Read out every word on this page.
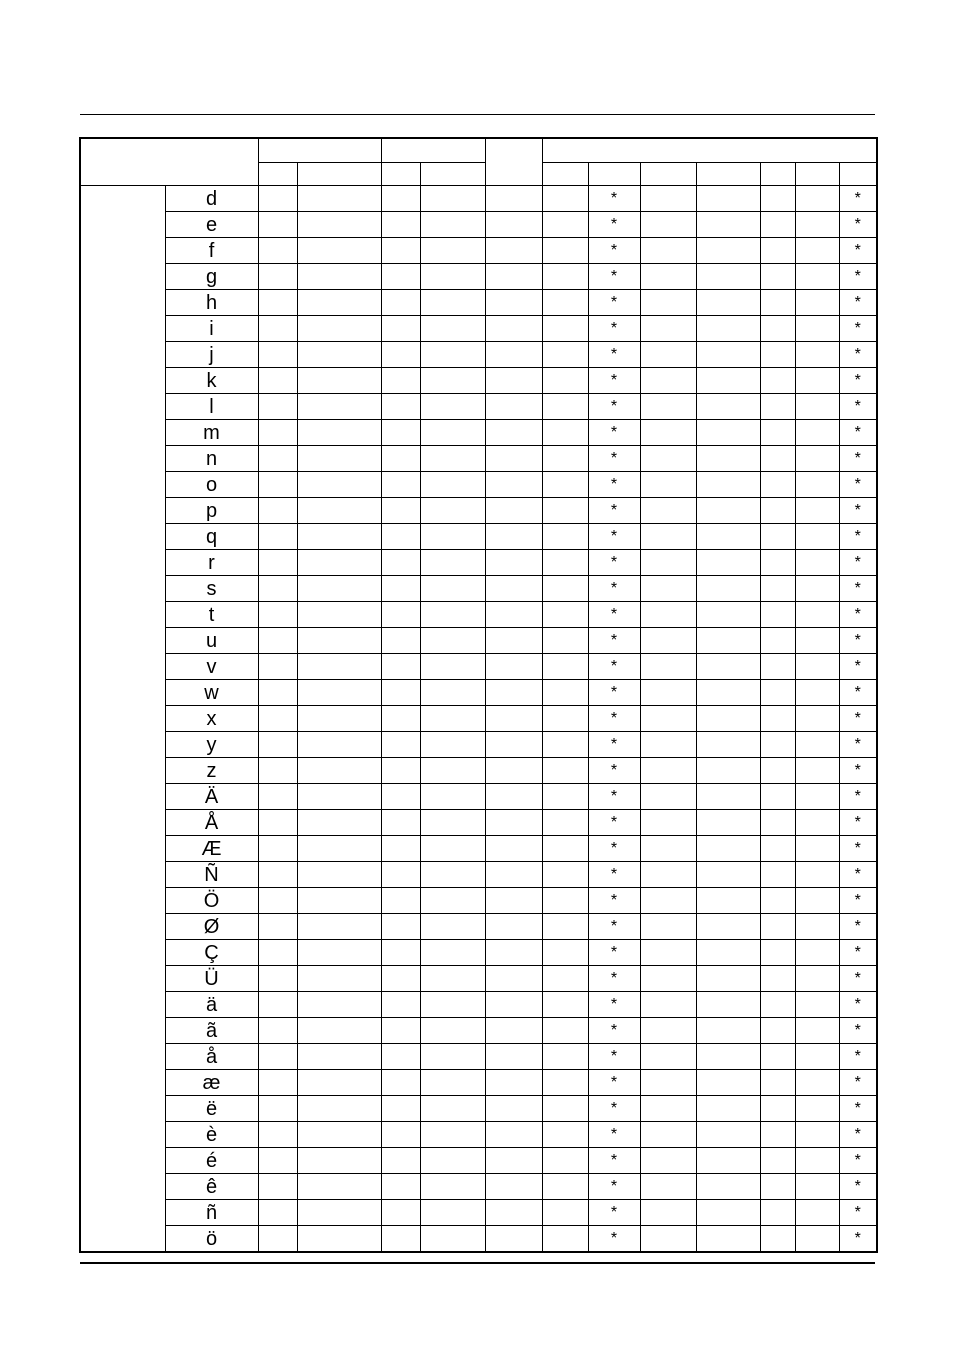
	d							*					*
	e							*					*
	f							*					*
	g							*					*
	h							*					*
	i							*					*
	j							*					*
	k							*					*
	l							*					*
	m							*					*
	n							*					*
	o							*					*
	p							*					*
	q							*					*
	r							*					*
	s							*					*
	t							*					*
	u							*					*
	v							*					*
	w							*					*
	x							*					*
	y							*					*
	z							*					*
	Ä							*					*
	Å							*					*
	Æ							*					*
	Ñ							*					*
	Ö							*					*
	Ø							*					*
	Ç							*					*
	Ü							*					*
	ä							*					*
	ã							*					*
	å							*					*
	æ							*					*
	ë							*					*
	è							*					*
	é							*					*
	ê							*					*
	ñ							*					*
	ö							*					*
